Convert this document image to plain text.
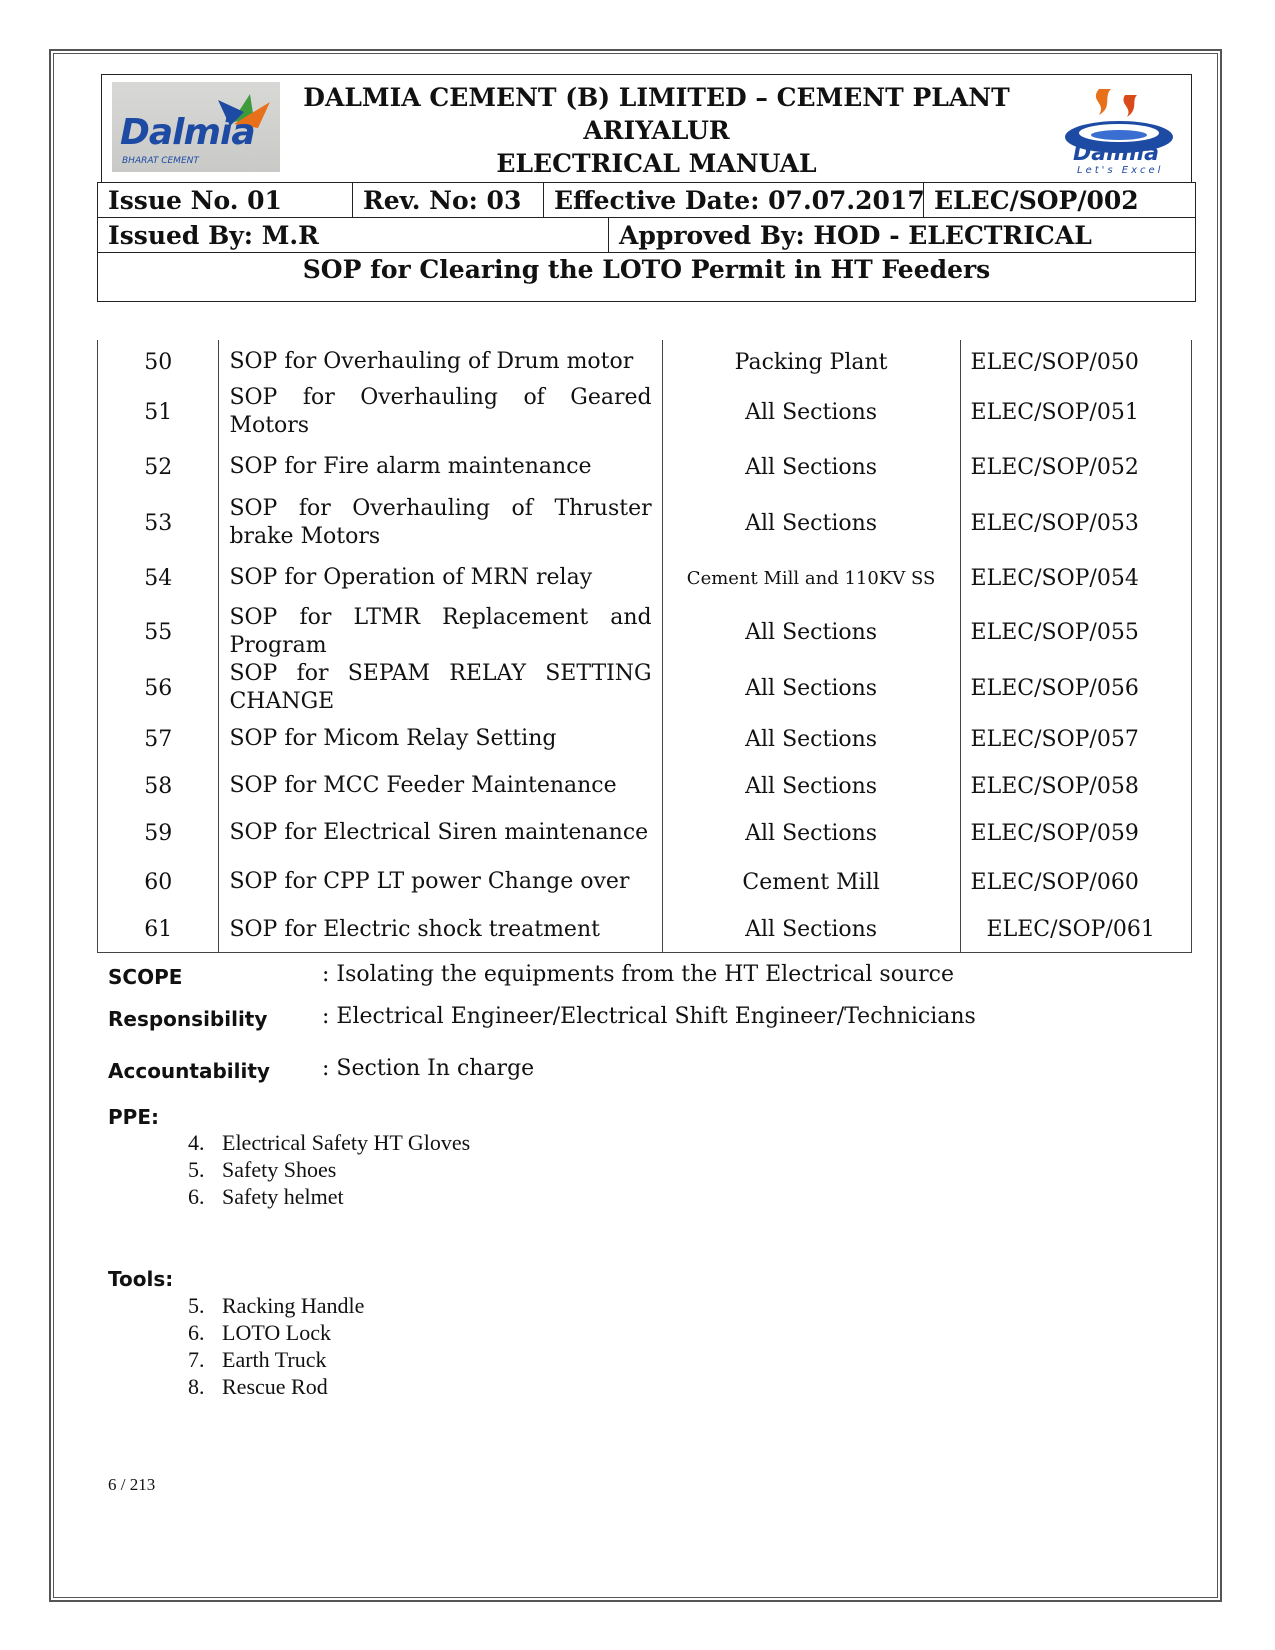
Dalmia
BHARAT CEMENT
DALMIA CEMENT (B) LIMITED – CEMENT PLANT
ARIYALUR
ELECTRICAL MANUAL	Dalmia
Let's Excel
Issue No. 01	Rev. No: 03	Effective Date: 07.07.2017 ELEC/SOP/002
Issued By: M.R	Approved By: HOD - ELECTRICAL
SOP for Clearing the LOTO Permit in HT Feeders
50	SOP for Overhauling of Drum motor	Packing Plant	ELEC/SOP/050
51	SOP for Overhauling of Geared Motors	All Sections	ELEC/SOP/051
52	SOP for Fire alarm maintenance	All Sections	ELEC/SOP/052
53	SOP for Overhauling of Thruster brake Motors	All Sections	ELEC/SOP/053
54	SOP for Operation of MRN relay	Cement Mill and 110KV SS	ELEC/SOP/054
55	SOP for LTMR Replacement and Program	All Sections	ELEC/SOP/055
56	SOP for SEPAM RELAY SETTING CHANGE	All Sections	ELEC/SOP/056
57	SOP for Micom Relay Setting	All Sections	ELEC/SOP/057
58	SOP for MCC Feeder Maintenance	All Sections	ELEC/SOP/058
59	SOP for Electrical Siren maintenance	All Sections	ELEC/SOP/059
60	SOP for CPP LT power Change over	Cement Mill	ELEC/SOP/060
61	SOP for Electric shock treatment	All Sections	ELEC/SOP/061
SCOPE	: Isolating the equipments from the HT Electrical source
Responsibility : Electrical Engineer/Electrical Shift Engineer/Technicians
Accountability : Section In charge
PPE:
4. Electrical Safety HT Gloves
5. Safety Shoes
6. Safety helmet
Tools:
5. Racking Handle
6. LOTO Lock
7. Earth Truck
8. Rescue Rod
6 / 213
